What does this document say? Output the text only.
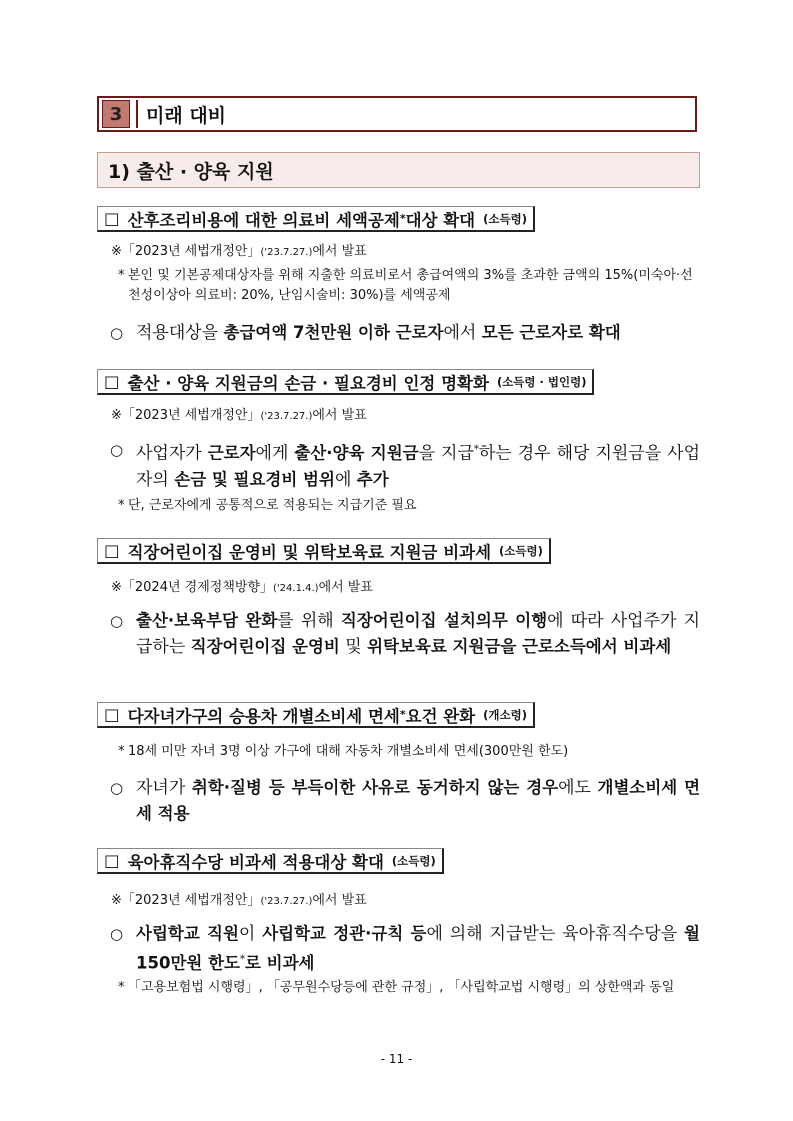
3	미래 대비
1) 출산 · 양육 지원
□ 산후조리비용에 대한 의료비 세액공제 * 대상 확대 (소득령)
※「2023년 세법개정안」('23.7.27.)에서 발표
* 본인 및 기본공제대상자를 위해 지출한 의료비로서 총급여액의 3%를 초과한 금액의 15%(미숙아·선천성이상아 의료비: 20%, 난임시술비: 30%)를 세액공제
○ 적용대상을 총급여액 7천만원 이하 근로자에서 모든 근로자로 확대
□ 출산 · 양육 지원금의 손금 · 필요경비 인정 명확화 (소득령 · 법인령)
※「2023년 세법개정안」('23.7.27.)에서 발표
○ 사업자가 근로자에게 출산·양육 지원금을 지급*하는 경우 해당 지원금을 사업자의 손금 및 필요경비 범위에 추가
* 단, 근로자에게 공통적으로 적용되는 지급기준 필요
□ 직장어린이집 운영비 및 위탁보육료 지원금 비과세 (소득령)
※「2024년 경제정책방향」('24.1.4.)에서 발표
○ 출산·보육부담 완화를 위해 직장어린이집 설치의무 이행에 따라 사업주가 지급하는 직장어린이집 운영비 및 위탁보육료 지원금을 근로소득에서 비과세
□ 다자녀가구의 승용차 개별소비세 면세 * 요건 완화 (개소령)
* 18세 미만 자녀 3명 이상 가구에 대해 자동차 개별소비세 면세(300만원 한도)
○ 자녀가 취학·질병 등 부득이한 사유로 동거하지 않는 경우에도 개별소비세 면세 적용
□ 육아휴직수당 비과세 적용대상 확대 (소득령)
※「2023년 세법개정안」('23.7.27.)에서 발표
○ 사립학교 직원이 사립학교 정관·규칙 등에 의해 지급받는 육아휴직수당을 월 150만원 한도*로 비과세
* 「고용보험법 시행령」, 「공무원수당등에 관한 규정」, 「사립학교법 시행령」의 상한액과 동일
- 11 -
